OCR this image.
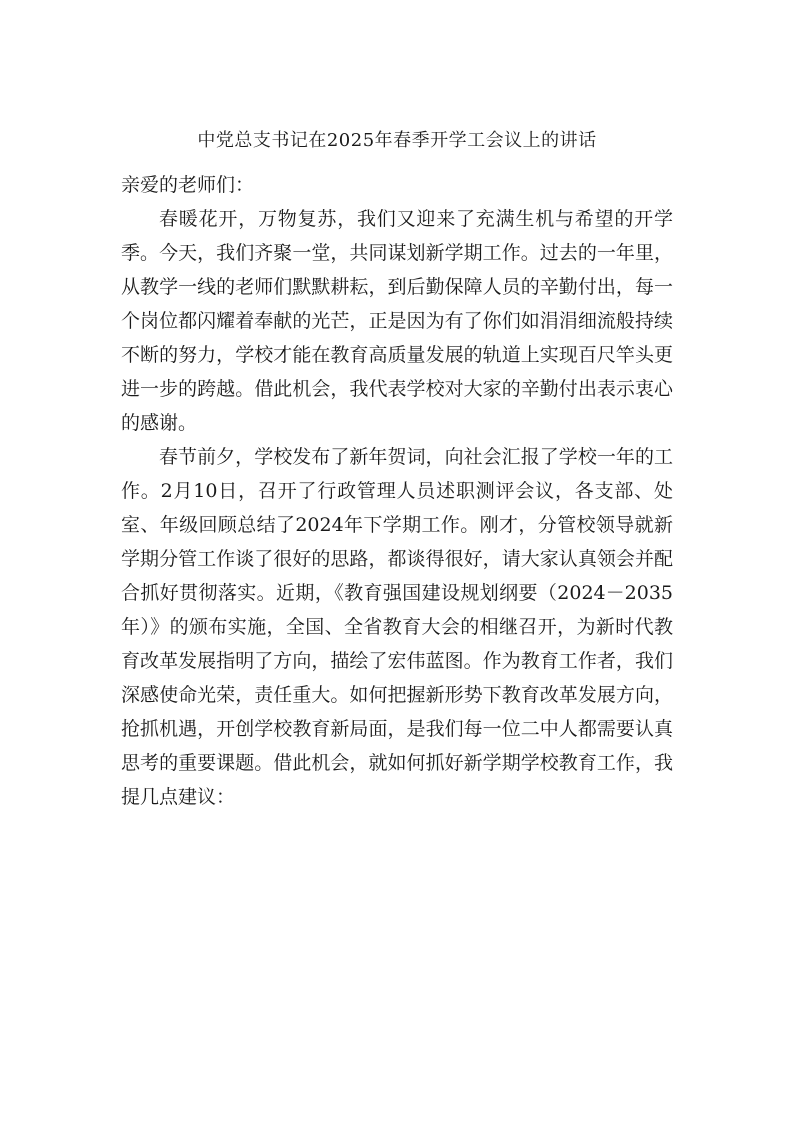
中党总支书记在2025年春季开学工会议上的讲话

亲爱的老师们：

春暖花开，万物复苏，我们又迎来了充满生机与希望的开学季。今天，我们齐聚一堂，共同谋划新学期工作。过去的一年里，从教学一线的老师们默默耕耘，到后勤保障人员的辛勤付出，每一个岗位都闪耀着奉献的光芒，正是因为有了你们如涓涓细流般持续不断的努力，学校才能在教育高质量发展的轨道上实现百尺竿头更进一步的跨越。借此机会，我代表学校对大家的辛勤付出表示衷心的感谢。

春节前夕，学校发布了新年贺词，向社会汇报了学校一年的工作。2月10日，召开了行政管理人员述职测评会议，各支部、处室、年级回顾总结了2024年下学期工作。刚才，分管校领导就新学期分管工作谈了很好的思路，都谈得很好，请大家认真领会并配合抓好贯彻落实。近期，《教育强国建设规划纲要（2024－2035年）》的颁布实施，全国、全省教育大会的相继召开，为新时代教育改革发展指明了方向，描绘了宏伟蓝图。作为教育工作者，我们深感使命光荣，责任重大。如何把握新形势下教育改革发展方向，抢抓机遇，开创学校教育新局面，是我们每一位二中人都需要认真思考的重要课题。借此机会，就如何抓好新学期学校教育工作，我提几点建议：
